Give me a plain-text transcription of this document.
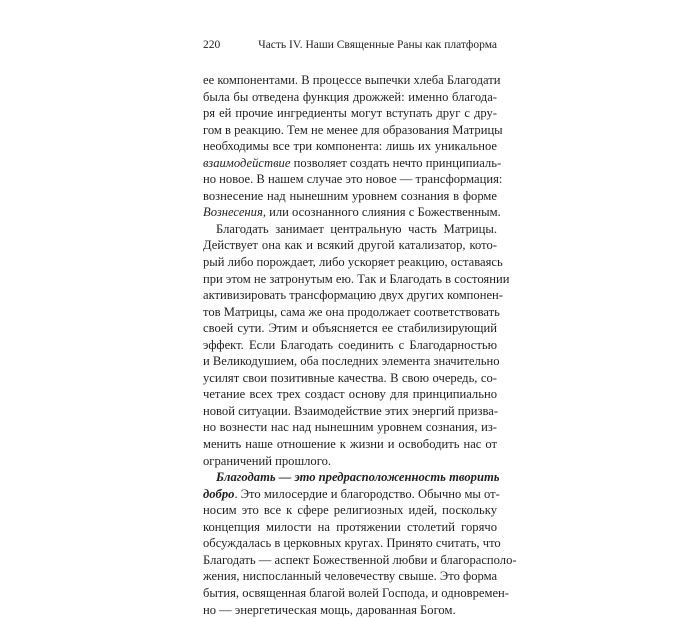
220	Часть IV. Наши Священные Раны как платформа
ее компонентами. В процессе выпечки хлеба Благодати
была бы отведена функция дрожжей: именно благода-
ря ей прочие ингредиенты могут вступать друг с дру-
гом в реакцию. Тем не менее для образования Матрицы
необходимы все три компонента: лишь их уникальное
взаимодействие позволяет создать нечто принципиаль-
но новое. В нашем случае это новое — трансформация:
вознесение над нынешним уровнем сознания в форме
Вознесения, или осознанного слияния с Божественным.
Благодать занимает центральную часть Матрицы.
Действует она как и всякий другой катализатор, кото-
рый либо порождает, либо ускоряет реакцию, оставаясь
при этом не затронутым ею. Так и Благодать в состоянии
активизировать трансформацию двух других компонен-
тов Матрицы, сама же она продолжает соответствовать
своей сути. Этим и объясняется ее стабилизирующий
эффект. Если Благодать соединить с Благодарностью
и Великодушием, оба последних элемента значительно
усилят свои позитивные качества. В свою очередь, со-
четание всех трех создаст основу для принципиально
новой ситуации. Взаимодействие этих энергий призва-
но вознести нас над нынешним уровнем сознания, из-
менить наше отношение к жизни и освободить нас от
ограничений прошлого.
Благодать — это предрасположенность творить
добро. Это милосердие и благородство. Обычно мы от-
носим это все к сфере религиозных идей, поскольку
концепция милости на протяжении столетий горячо
обсуждалась в церковных кругах. Принято считать, что
Благодать — аспект Божественной любви и благорасполо-
жения, ниспосланный человечеству свыше. Это форма
бытия, освященная благой волей Господа, и одновремен-
но — энергетическая мощь, дарованная Богом.
